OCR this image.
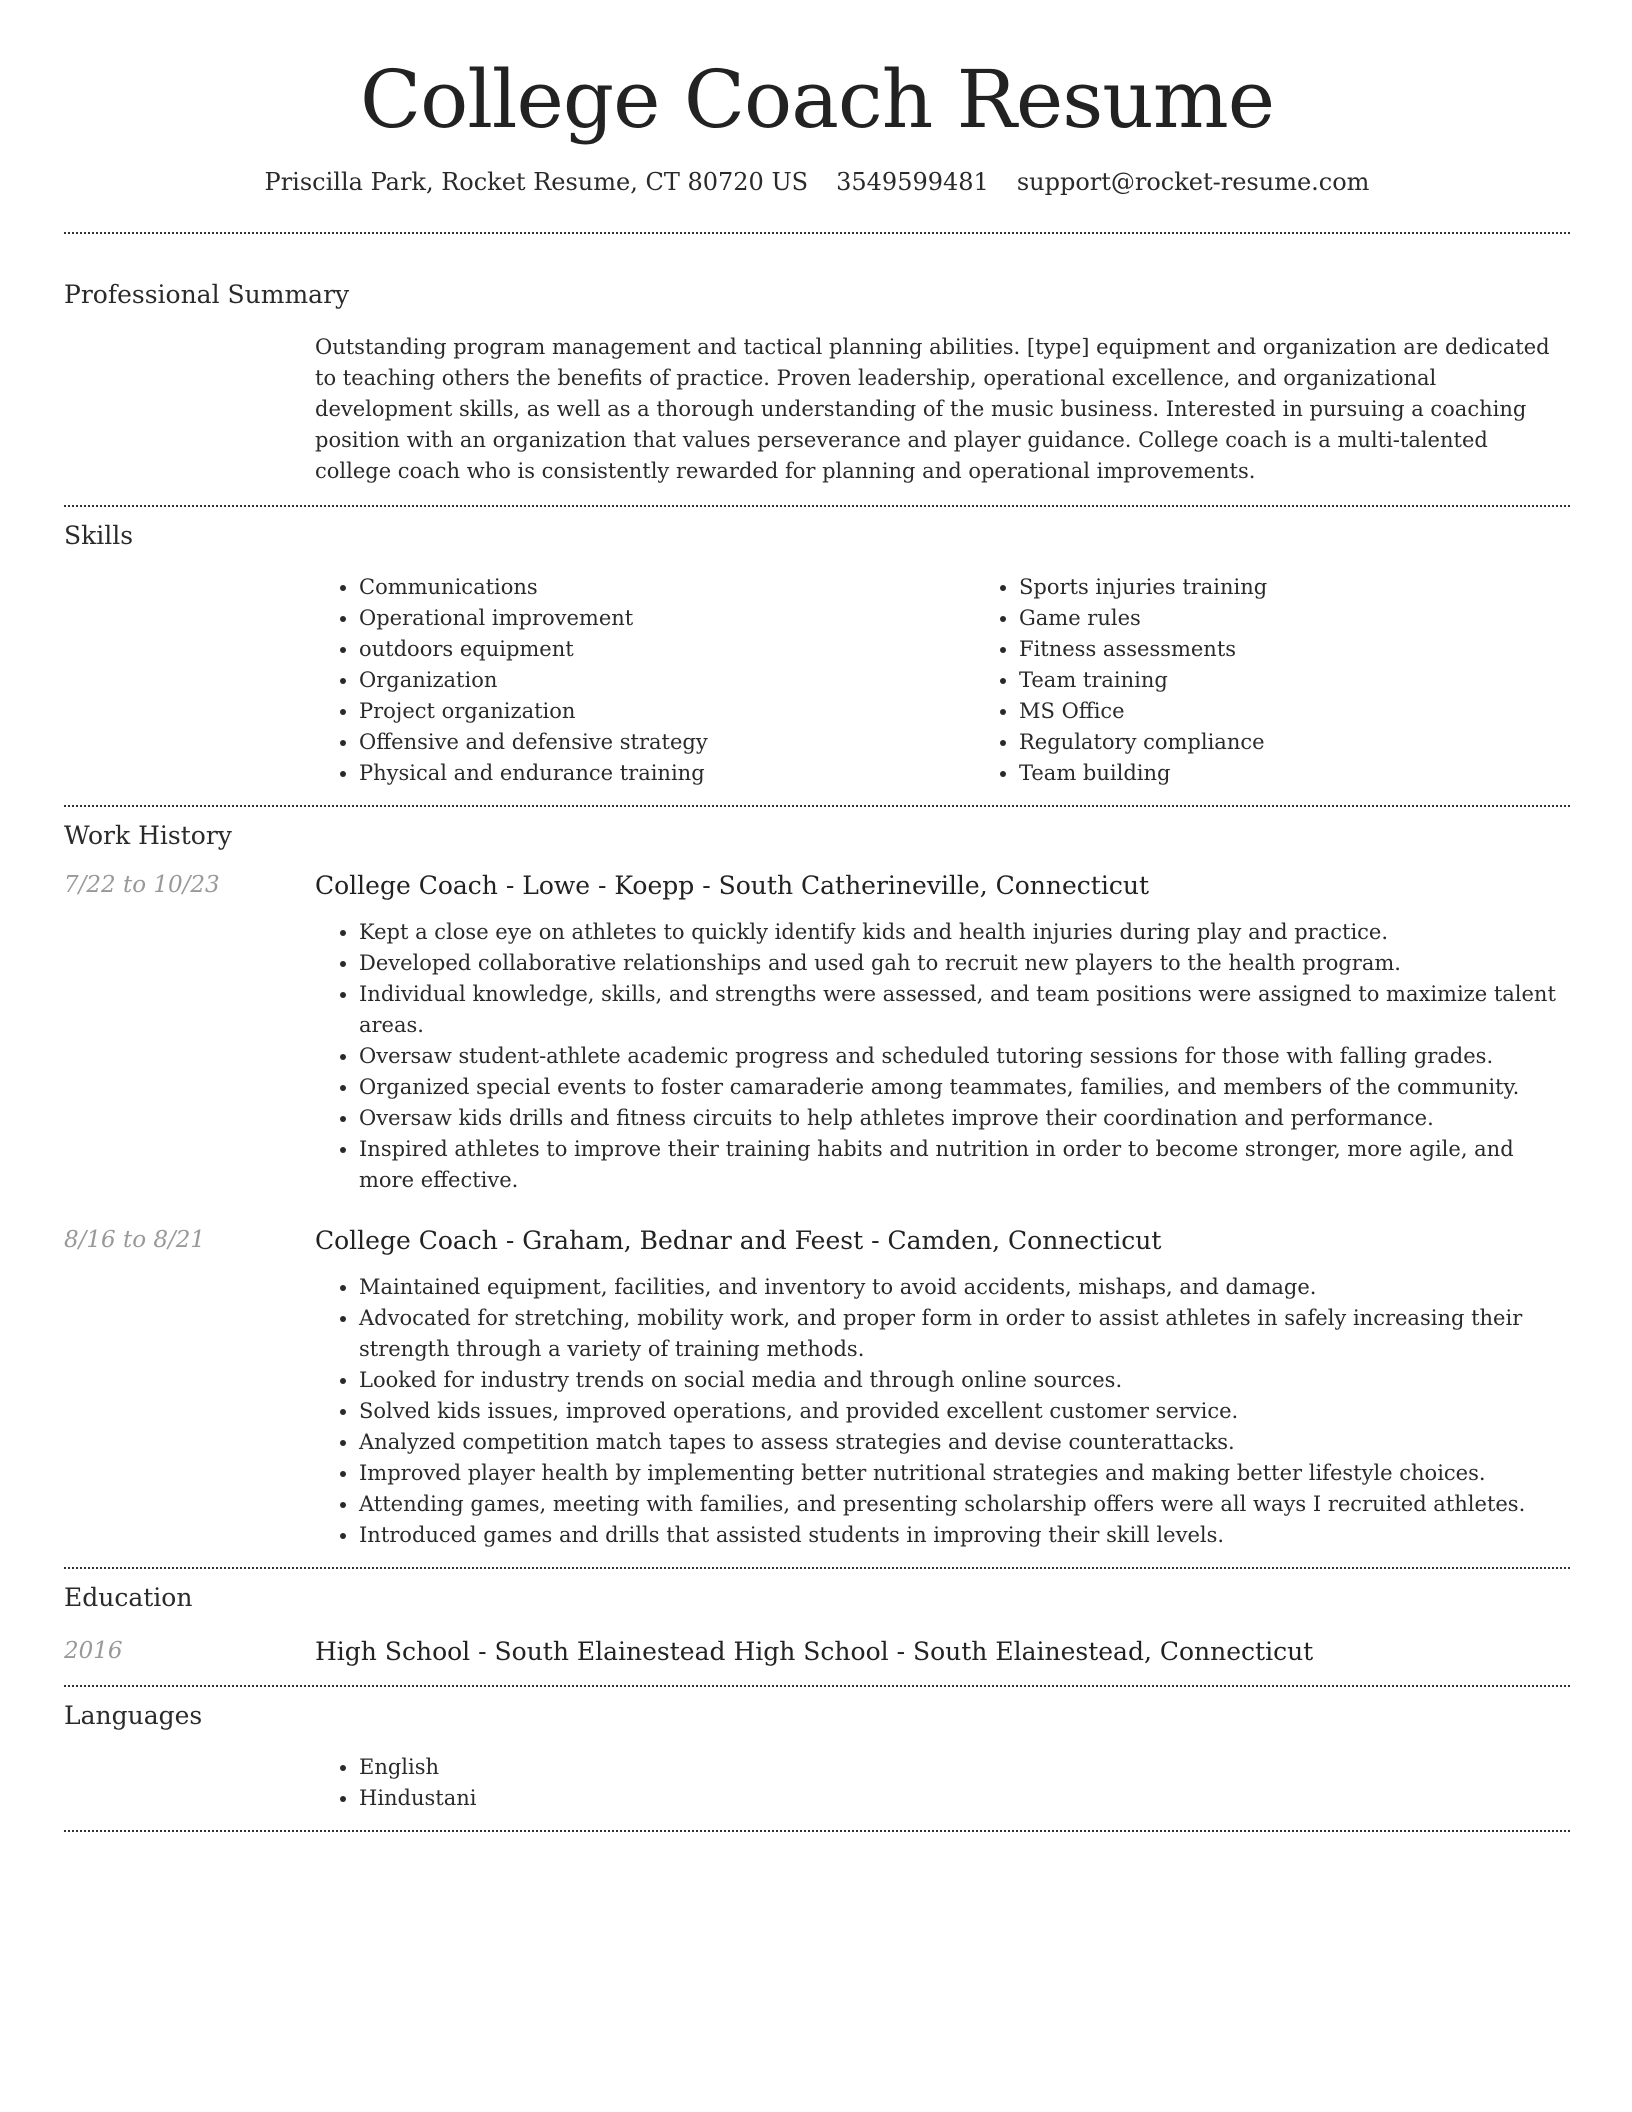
College Coach Resume
Priscilla Park, Rocket Resume, CT 80720 US 3549599481 support@rocket-resume.com
Professional Summary
Outstanding program management and tactical planning abilities. [type] equipment and organization are dedicated to teaching others the benefits of practice. Proven leadership, operational excellence, and organizational development skills, as well as a thorough understanding of the music business. Interested in pursuing a coaching position with an organization that values perseverance and player guidance. College coach is a multi-talented college coach who is consistently rewarded for planning and operational improvements.
Skills
• Communications
• Operational improvement
• outdoors equipment
• Organization
• Project organization
• Offensive and defensive strategy
• Physical and endurance training
• Sports injuries training
• Game rules
• Fitness assessments
• Team training
• MS Office
• Regulatory compliance
• Team building
Work History
7/22 to 10/23	College Coach - Lowe - Koepp - South Catherineville, Connecticut
• Kept a close eye on athletes to quickly identify kids and health injuries during play and practice.
• Developed collaborative relationships and used gah to recruit new players to the health program.
• Individual knowledge, skills, and strengths were assessed, and team positions were assigned to maximize talent areas.
• Oversaw student-athlete academic progress and scheduled tutoring sessions for those with falling grades.
• Organized special events to foster camaraderie among teammates, families, and members of the community.
• Oversaw kids drills and fitness circuits to help athletes improve their coordination and performance.
• Inspired athletes to improve their training habits and nutrition in order to become stronger, more agile, and more effective.
8/16 to 8/21	College Coach - Graham, Bednar and Feest - Camden, Connecticut
• Maintained equipment, facilities, and inventory to avoid accidents, mishaps, and damage.
• Advocated for stretching, mobility work, and proper form in order to assist athletes in safely increasing their strength through a variety of training methods.
• Looked for industry trends on social media and through online sources.
• Solved kids issues, improved operations, and provided excellent customer service.
• Analyzed competition match tapes to assess strategies and devise counterattacks.
• Improved player health by implementing better nutritional strategies and making better lifestyle choices.
• Attending games, meeting with families, and presenting scholarship offers were all ways I recruited athletes.
• Introduced games and drills that assisted students in improving their skill levels.
Education
2016	High School - South Elainestead High School - South Elainestead, Connecticut
Languages
• English
• Hindustani
